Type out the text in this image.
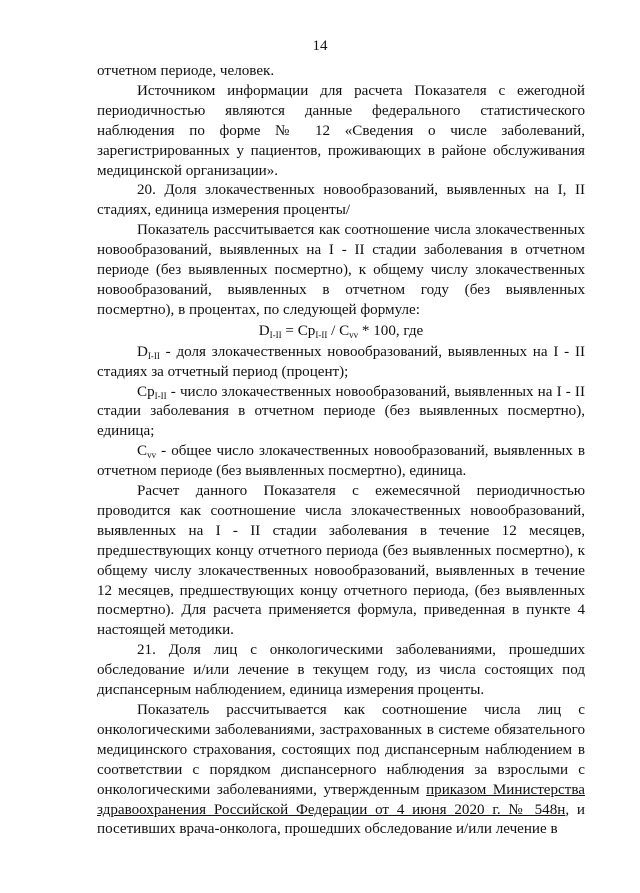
14

отчетном периоде, человек.

Источником информации для расчета Показателя с ежегодной периодичностью являются данные федерального статистического наблюдения по форме № 12 «Сведения о числе заболеваний, зарегистрированных у пациентов, проживающих в районе обслуживания медицинской организации».

20. Доля злокачественных новообразований, выявленных на I, II стадиях, единица измерения проценты/

Показатель рассчитывается как соотношение числа злокачественных новообразований, выявленных на I - II стадии заболевания в отчетном периоде (без выявленных посмертно), к общему числу злокачественных новообразований, выявленных в отчетном году (без выявленных посмертно), в процентах, по следующей формуле:

$D_{I-II} = Cp_{I-II} / C_{vv} * 100$, где

$D_{I-II}$ - доля злокачественных новообразований, выявленных на I - II стадиях за отчетный период (процент);

$Cp_{I-II}$ - число злокачественных новообразований, выявленных на I - II стадии заболевания в отчетном периоде (без выявленных посмертно), единица;

$C_{vv}$ - общее число злокачественных новообразований, выявленных в отчетном периоде (без выявленных посмертно), единица.

Расчет данного Показателя с ежемесячной периодичностью проводится как соотношение числа злокачественных новообразований, выявленных на I - II стадии заболевания в течение 12 месяцев, предшествующих концу отчетного периода (без выявленных посмертно), к общему числу злокачественных новообразований, выявленных в течение 12 месяцев, предшествующих концу отчетного периода, (без выявленных посмертно). Для расчета применяется формула, приведенная в пункте 4 настоящей методики.

21. Доля лиц с онкологическими заболеваниями, прошедших обследование и/или лечение в текущем году, из числа состоящих под диспансерным наблюдением, единица измерения проценты.

Показатель рассчитывается как соотношение числа лиц с онкологическими заболеваниями, застрахованных в системе обязательного медицинского страхования, состоящих под диспансерным наблюдением в соответствии с порядком диспансерного наблюдения за взрослыми с онкологическими заболеваниями, утвержденным приказом Министерства здравоохранения Российской Федерации от 4 июня 2020 г. № 548н, и посетивших врача-онколога, прошедших обследование и/или лечение в
